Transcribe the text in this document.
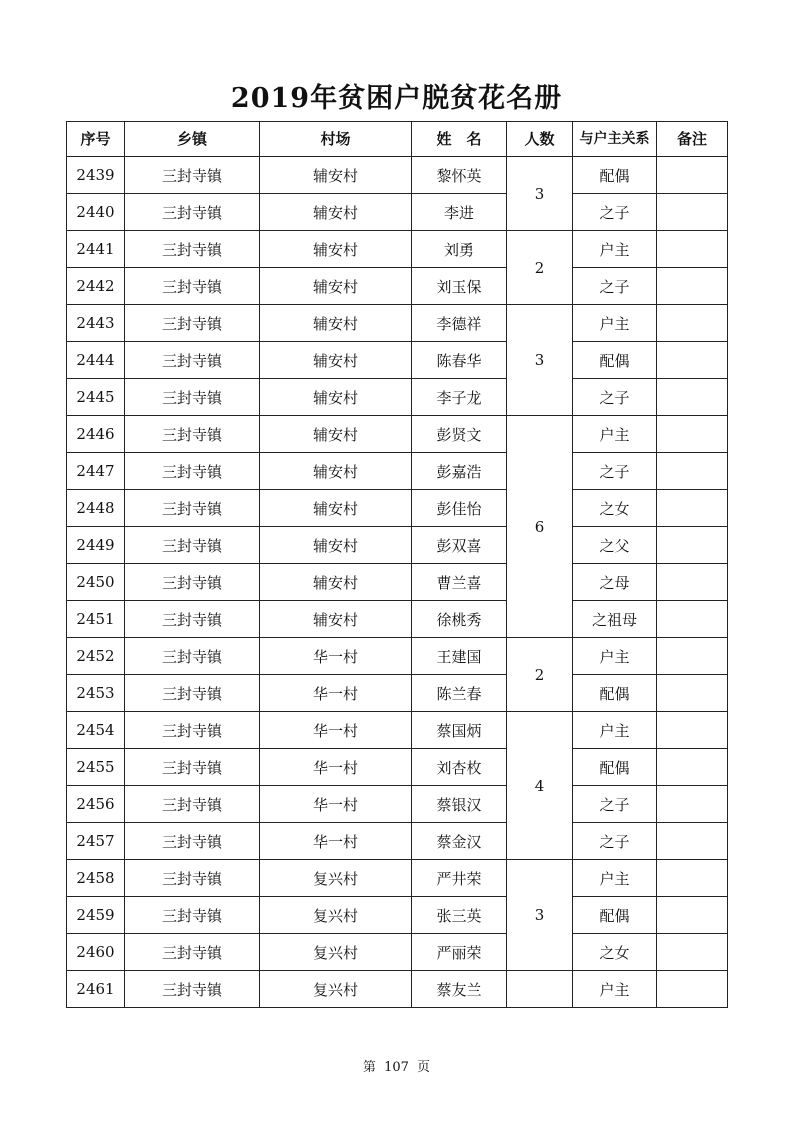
2019年贫困户脱贫花名册
序号	乡镇	村场	姓　名	人数	与户主关系	备注
2439	三封寺镇	辅安村	黎怀英	3	配偶	
2440	三封寺镇	辅安村	李进		之子	
2441	三封寺镇	辅安村	刘勇	2	户主	
2442	三封寺镇	辅安村	刘玉保		之子	
2443	三封寺镇	辅安村	李德祥	3	户主	
2444	三封寺镇	辅安村	陈春华		配偶	
2445	三封寺镇	辅安村	李子龙		之子	
2446	三封寺镇	辅安村	彭贤文	6	户主	
2447	三封寺镇	辅安村	彭嘉浩		之子	
2448	三封寺镇	辅安村	彭佳怡		之女	
2449	三封寺镇	辅安村	彭双喜		之父	
2450	三封寺镇	辅安村	曹兰喜		之母	
2451	三封寺镇	辅安村	徐桃秀		之祖母	
2452	三封寺镇	华一村	王建国	2	户主	
2453	三封寺镇	华一村	陈兰春		配偶	
2454	三封寺镇	华一村	蔡国炳	4	户主	
2455	三封寺镇	华一村	刘杏枚		配偶	
2456	三封寺镇	华一村	蔡银汉		之子	
2457	三封寺镇	华一村	蔡金汉		之子	
2458	三封寺镇	复兴村	严井荣	3	户主	
2459	三封寺镇	复兴村	张三英		配偶	
2460	三封寺镇	复兴村	严丽荣		之女	
2461	三封寺镇	复兴村	蔡友兰		户主	
第 107 页
